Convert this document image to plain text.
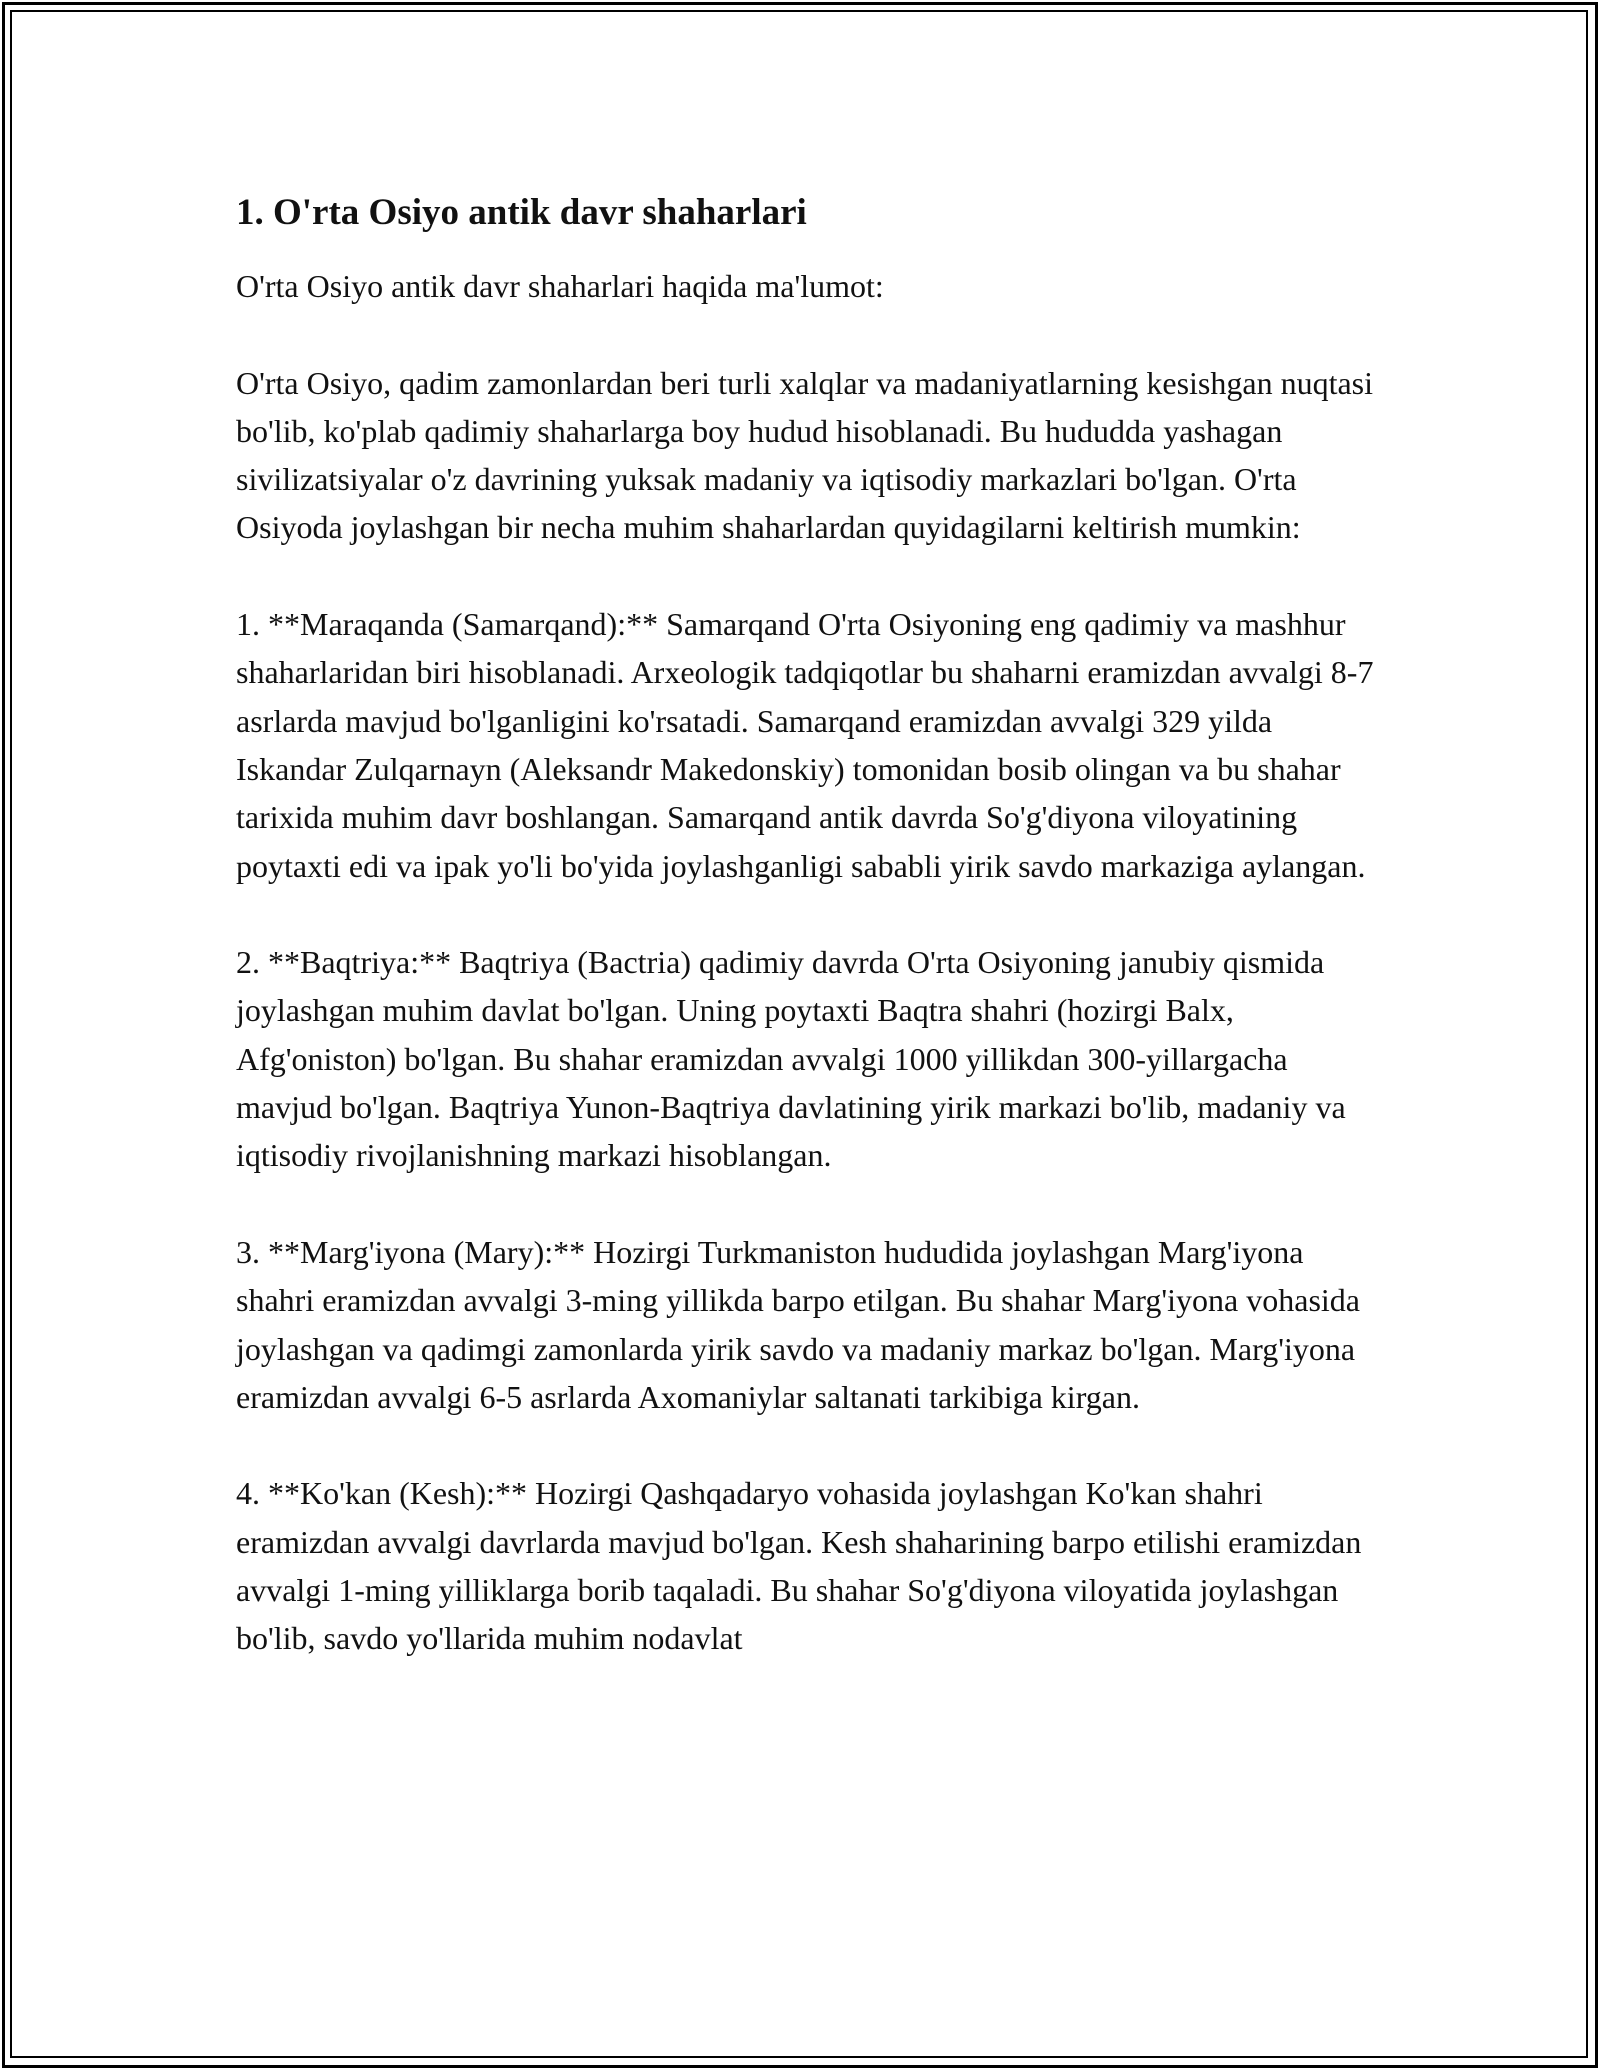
1. O'rta Osiyo antik davr shaharlari

O'rta Osiyo antik davr shaharlari haqida ma'lumot:

O'rta Osiyo, qadim zamonlardan beri turli xalqlar va madaniyatlarning kesishgan nuqtasi bo'lib, ko'plab qadimiy shaharlarga boy hudud hisoblanadi. Bu hududda yashagan sivilizatsiyalar o'z davrining yuksak madaniy va iqtisodiy markazlari bo'lgan. O'rta Osiyoda joylashgan bir necha muhim shaharlardan quyidagilarni keltirish mumkin:

1. **Maraqanda (Samarqand):** Samarqand O'rta Osiyoning eng qadimiy va mashhur shaharlaridan biri hisoblanadi. Arxeologik tadqiqotlar bu shaharni eramizdan avvalgi 8-7 asrlarda mavjud bo'lganligini ko'rsatadi. Samarqand eramizdan avvalgi 329 yilda Iskandar Zulqarnayn (Aleksandr Makedonskiy) tomonidan bosib olingan va bu shahar tarixida muhim davr boshlangan. Samarqand antik davrda So'g'diyona viloyatining poytaxti edi va ipak yo'li bo'yida joylashganligi sababli yirik savdo markaziga aylangan.

2. **Baqtriya:** Baqtriya (Bactria) qadimiy davrda O'rta Osiyoning janubiy qismida joylashgan muhim davlat bo'lgan. Uning poytaxti Baqtra shahri (hozirgi Balx, Afg'oniston) bo'lgan. Bu shahar eramizdan avvalgi 1000 yillikdan 300-yillargacha mavjud bo'lgan. Baqtriya Yunon-Baqtriya davlatining yirik markazi bo'lib, madaniy va iqtisodiy rivojlanishning markazi hisoblangan.

3. **Marg'iyona (Mary):** Hozirgi Turkmaniston hududida joylashgan Marg'iyona shahri eramizdan avvalgi 3-ming yillikda barpo etilgan. Bu shahar Marg'iyona vohasida joylashgan va qadimgi zamonlarda yirik savdo va madaniy markaz bo'lgan. Marg'iyona eramizdan avvalgi 6-5 asrlarda Axomaniylar saltanati tarkibiga kirgan.

4. **Ko'kan (Kesh):** Hozirgi Qashqadaryo vohasida joylashgan Ko'kan shahri eramizdan avvalgi davrlarda mavjud bo'lgan. Kesh shaharining barpo etilishi eramizdan avvalgi 1-ming yilliklarga borib taqaladi. Bu shahar So'g'diyona viloyatida joylashgan bo'lib, savdo yo'llarida muhim nodavlat
